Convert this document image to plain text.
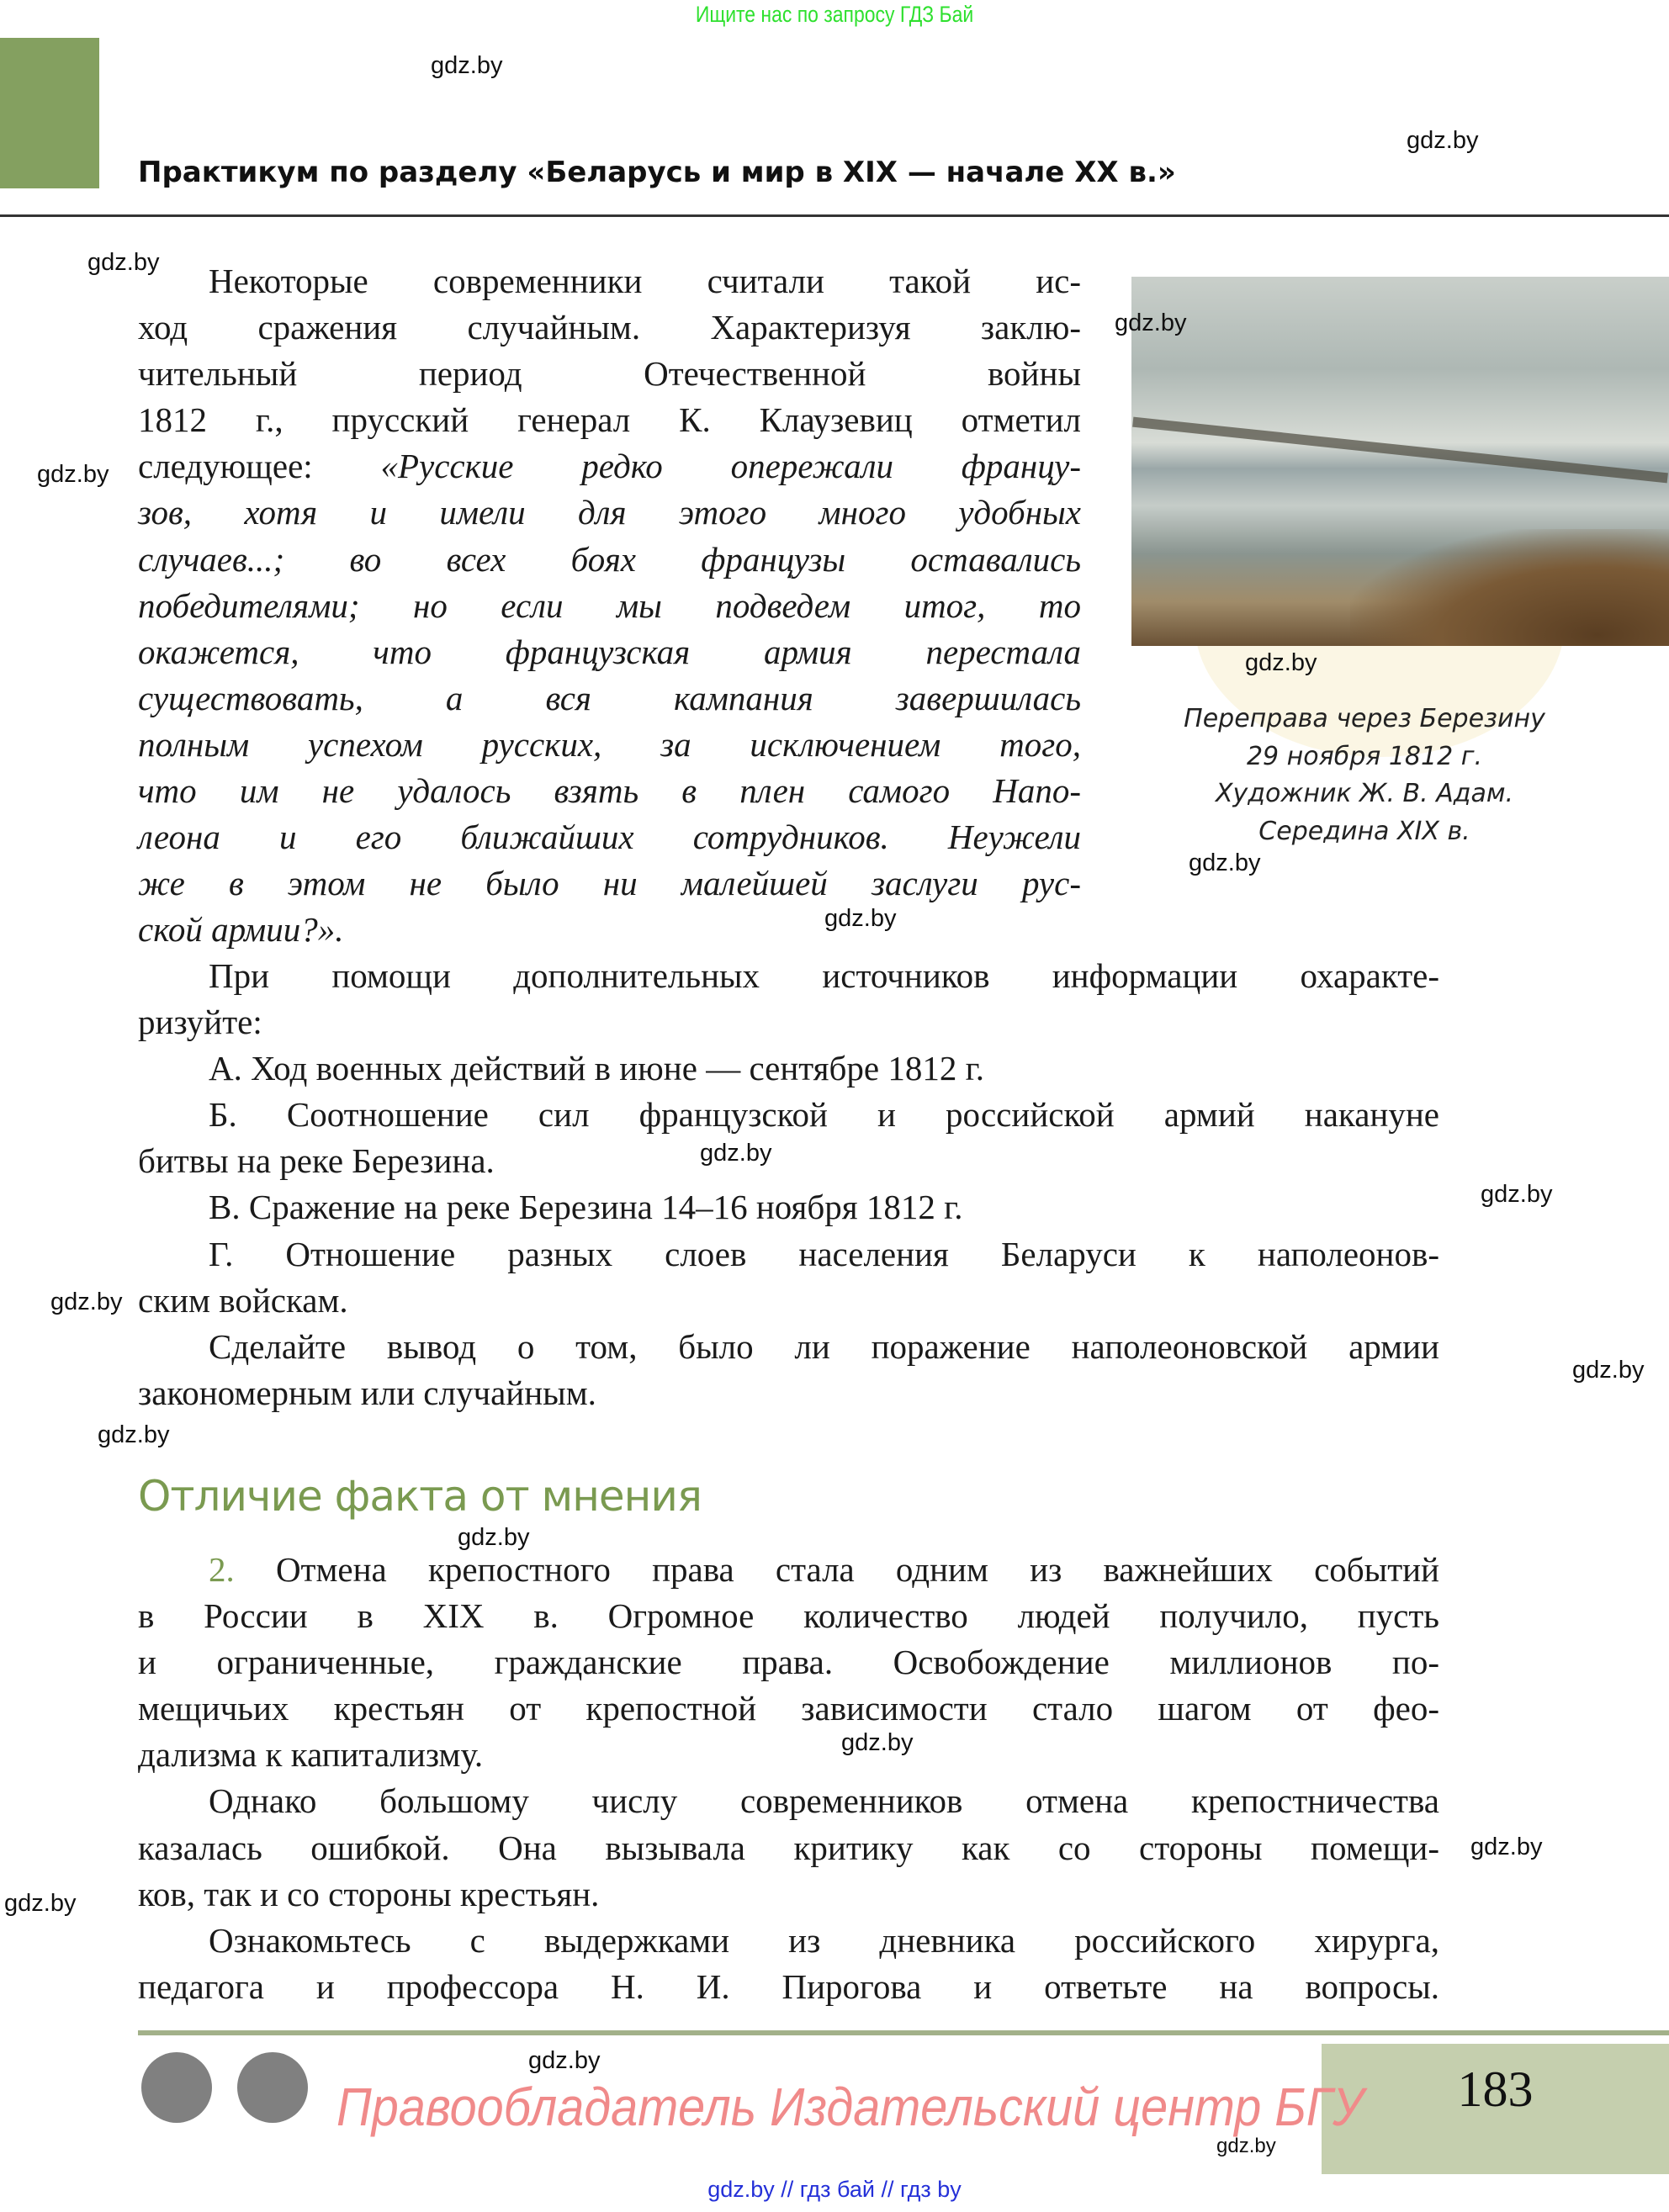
Ищите нас по запросу ГДЗ Бай
Практикум по разделу «Беларусь и мир в XIX — начале XX в.»
Переправа через Березину
29 ноября 1812 г.
Художник Ж. В. Адам.
Середина XIX в.
Некоторые современники считали такой ис-
ход сражения случайным. Характеризуя заклю-
чительный период Отечественной войны
1812 г., прусский генерал К. Клаузевиц отметил
следующее: «Русские редко опережали францу-
зов, хотя и имели для этого много удобных
случаев...; во всех боях французы оставались
победителями; но если мы подведем итог, то
окажется, что французская армия перестала
существовать, а вся кампания завершилась
полным успехом русских, за исключением того,
что им не удалось взять в плен самого Напо-
леона и его ближайших сотрудников. Неужели
же в этом не было ни малейшей заслуги рус-
ской армии?».
При помощи дополнительных источников информации охаракте-
ризуйте:
А. Ход военных действий в июне — сентябре 1812 г.
Б. Соотношение сил французской и российской армий накануне
битвы на реке Березина.
В. Сражение на реке Березина 14–16 ноября 1812 г.
Г. Отношение разных слоев населения Беларуси к наполеонов-
ским войскам.
Сделайте вывод о том, было ли поражение наполеоновской армии
закономерным или случайным.
Отличие факта от мнения
2. Отмена крепостного права стала одним из важнейших событий
в России в XIX в. Огромное количество людей получило, пусть
и ограниченные, гражданские права. Освобождение миллионов по-
мещичьих крестьян от крепостной зависимости стало шагом от фео-
дализма к капитализму.
Однако большому числу современников отмена крепостничества
казалась ошибкой. Она вызывала критику как со стороны помещи-
ков, так и со стороны крестьян.
Ознакомьтесь с выдержками из дневника российского хирурга,
педагога и профессора Н. И. Пирогова и ответьте на вопросы.
183
Правообладатель Издательский центр БГУ
gdz.by // гдз бай // гдз by
gdz.by
gdz.by
gdz.by
gdz.by
gdz.by
gdz.by
gdz.by
gdz.by
gdz.by
gdz.by
gdz.by
gdz.by
gdz.by
gdz.by
gdz.by
gdz.by
gdz.by
gdz.by
gdz.by
